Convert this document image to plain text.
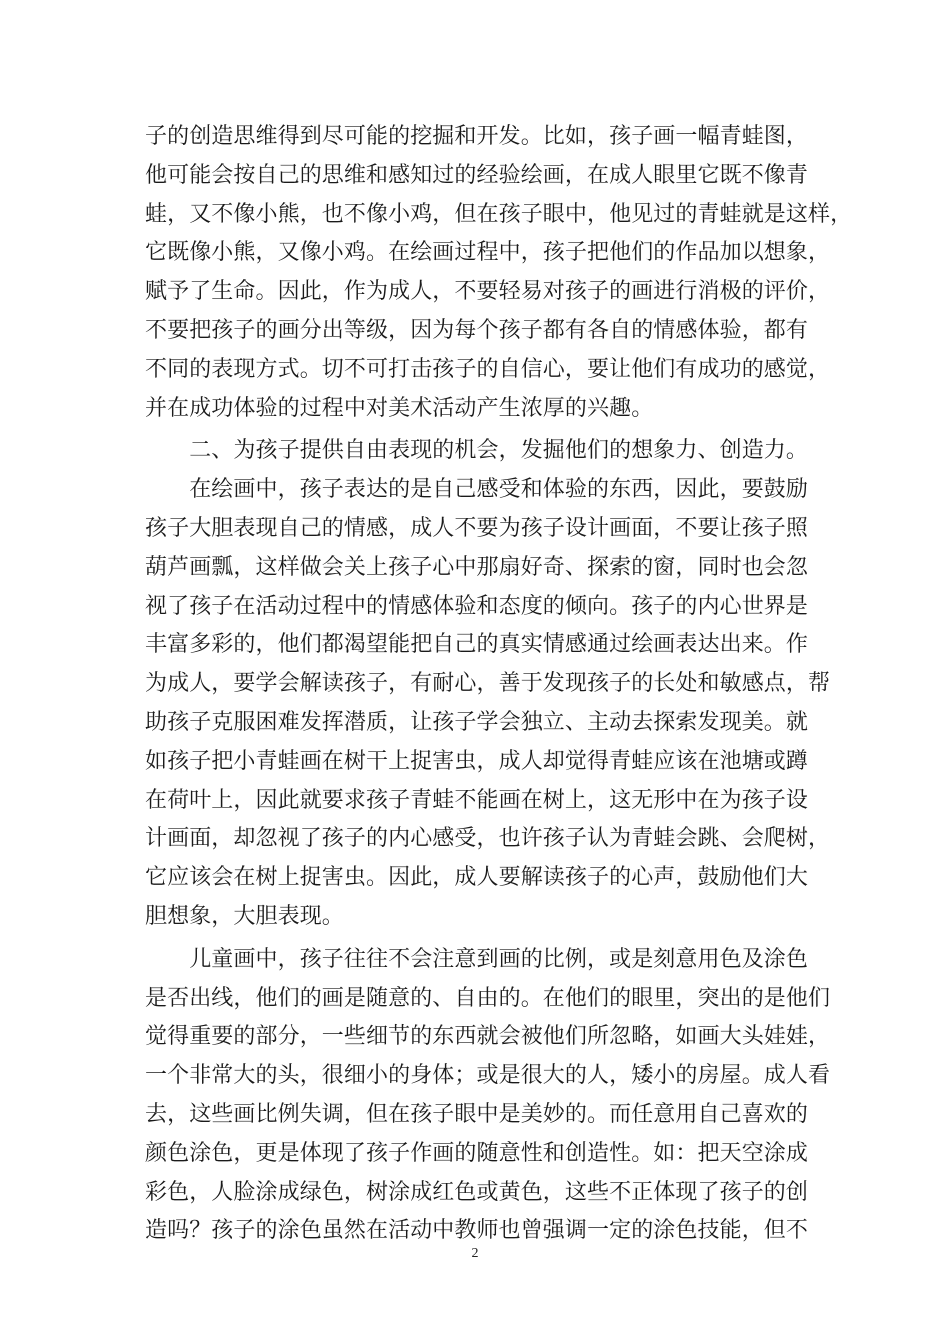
子的创造思维得到尽可能的挖掘和开发。比如，孩子画一幅青蛙图，
他可能会按自己的思维和感知过的经验绘画，在成人眼里它既不像青
蛙，又不像小熊，也不像小鸡，但在孩子眼中，他见过的青蛙就是这样，
它既像小熊，又像小鸡。在绘画过程中，孩子把他们的作品加以想象，
赋予了生命。因此，作为成人，不要轻易对孩子的画进行消极的评价，
不要把孩子的画分出等级，因为每个孩子都有各自的情感体验，都有
不同的表现方式。切不可打击孩子的自信心，要让他们有成功的感觉，
并在成功体验的过程中对美术活动产生浓厚的兴趣。
　　二、为孩子提供自由表现的机会，发掘他们的想象力、创造力。
　　在绘画中，孩子表达的是自己感受和体验的东西，因此，要鼓励
孩子大胆表现自己的情感，成人不要为孩子设计画面，不要让孩子照
葫芦画瓢，这样做会关上孩子心中那扇好奇、探索的窗，同时也会忽
视了孩子在活动过程中的情感体验和态度的倾向。孩子的内心世界是
丰富多彩的，他们都渴望能把自己的真实情感通过绘画表达出来。作
为成人，要学会解读孩子，有耐心，善于发现孩子的长处和敏感点，帮
助孩子克服困难发挥潜质，让孩子学会独立、主动去探索发现美。就
如孩子把小青蛙画在树干上捉害虫，成人却觉得青蛙应该在池塘或蹲
在荷叶上，因此就要求孩子青蛙不能画在树上，这无形中在为孩子设
计画面，却忽视了孩子的内心感受，也许孩子认为青蛙会跳、会爬树，
它应该会在树上捉害虫。因此，成人要解读孩子的心声，鼓励他们大
胆想象，大胆表现。
　　儿童画中，孩子往往不会注意到画的比例，或是刻意用色及涂色
是否出线，他们的画是随意的、自由的。在他们的眼里，突出的是他们
觉得重要的部分，一些细节的东西就会被他们所忽略，如画大头娃娃，
一个非常大的头，很细小的身体；或是很大的人，矮小的房屋。成人看
去，这些画比例失调，但在孩子眼中是美妙的。而任意用自己喜欢的
颜色涂色，更是体现了孩子作画的随意性和创造性。如：把天空涂成
彩色，人脸涂成绿色，树涂成红色或黄色，这些不正体现了孩子的创
造吗？孩子的涂色虽然在活动中教师也曾强调一定的涂色技能，但不
2
